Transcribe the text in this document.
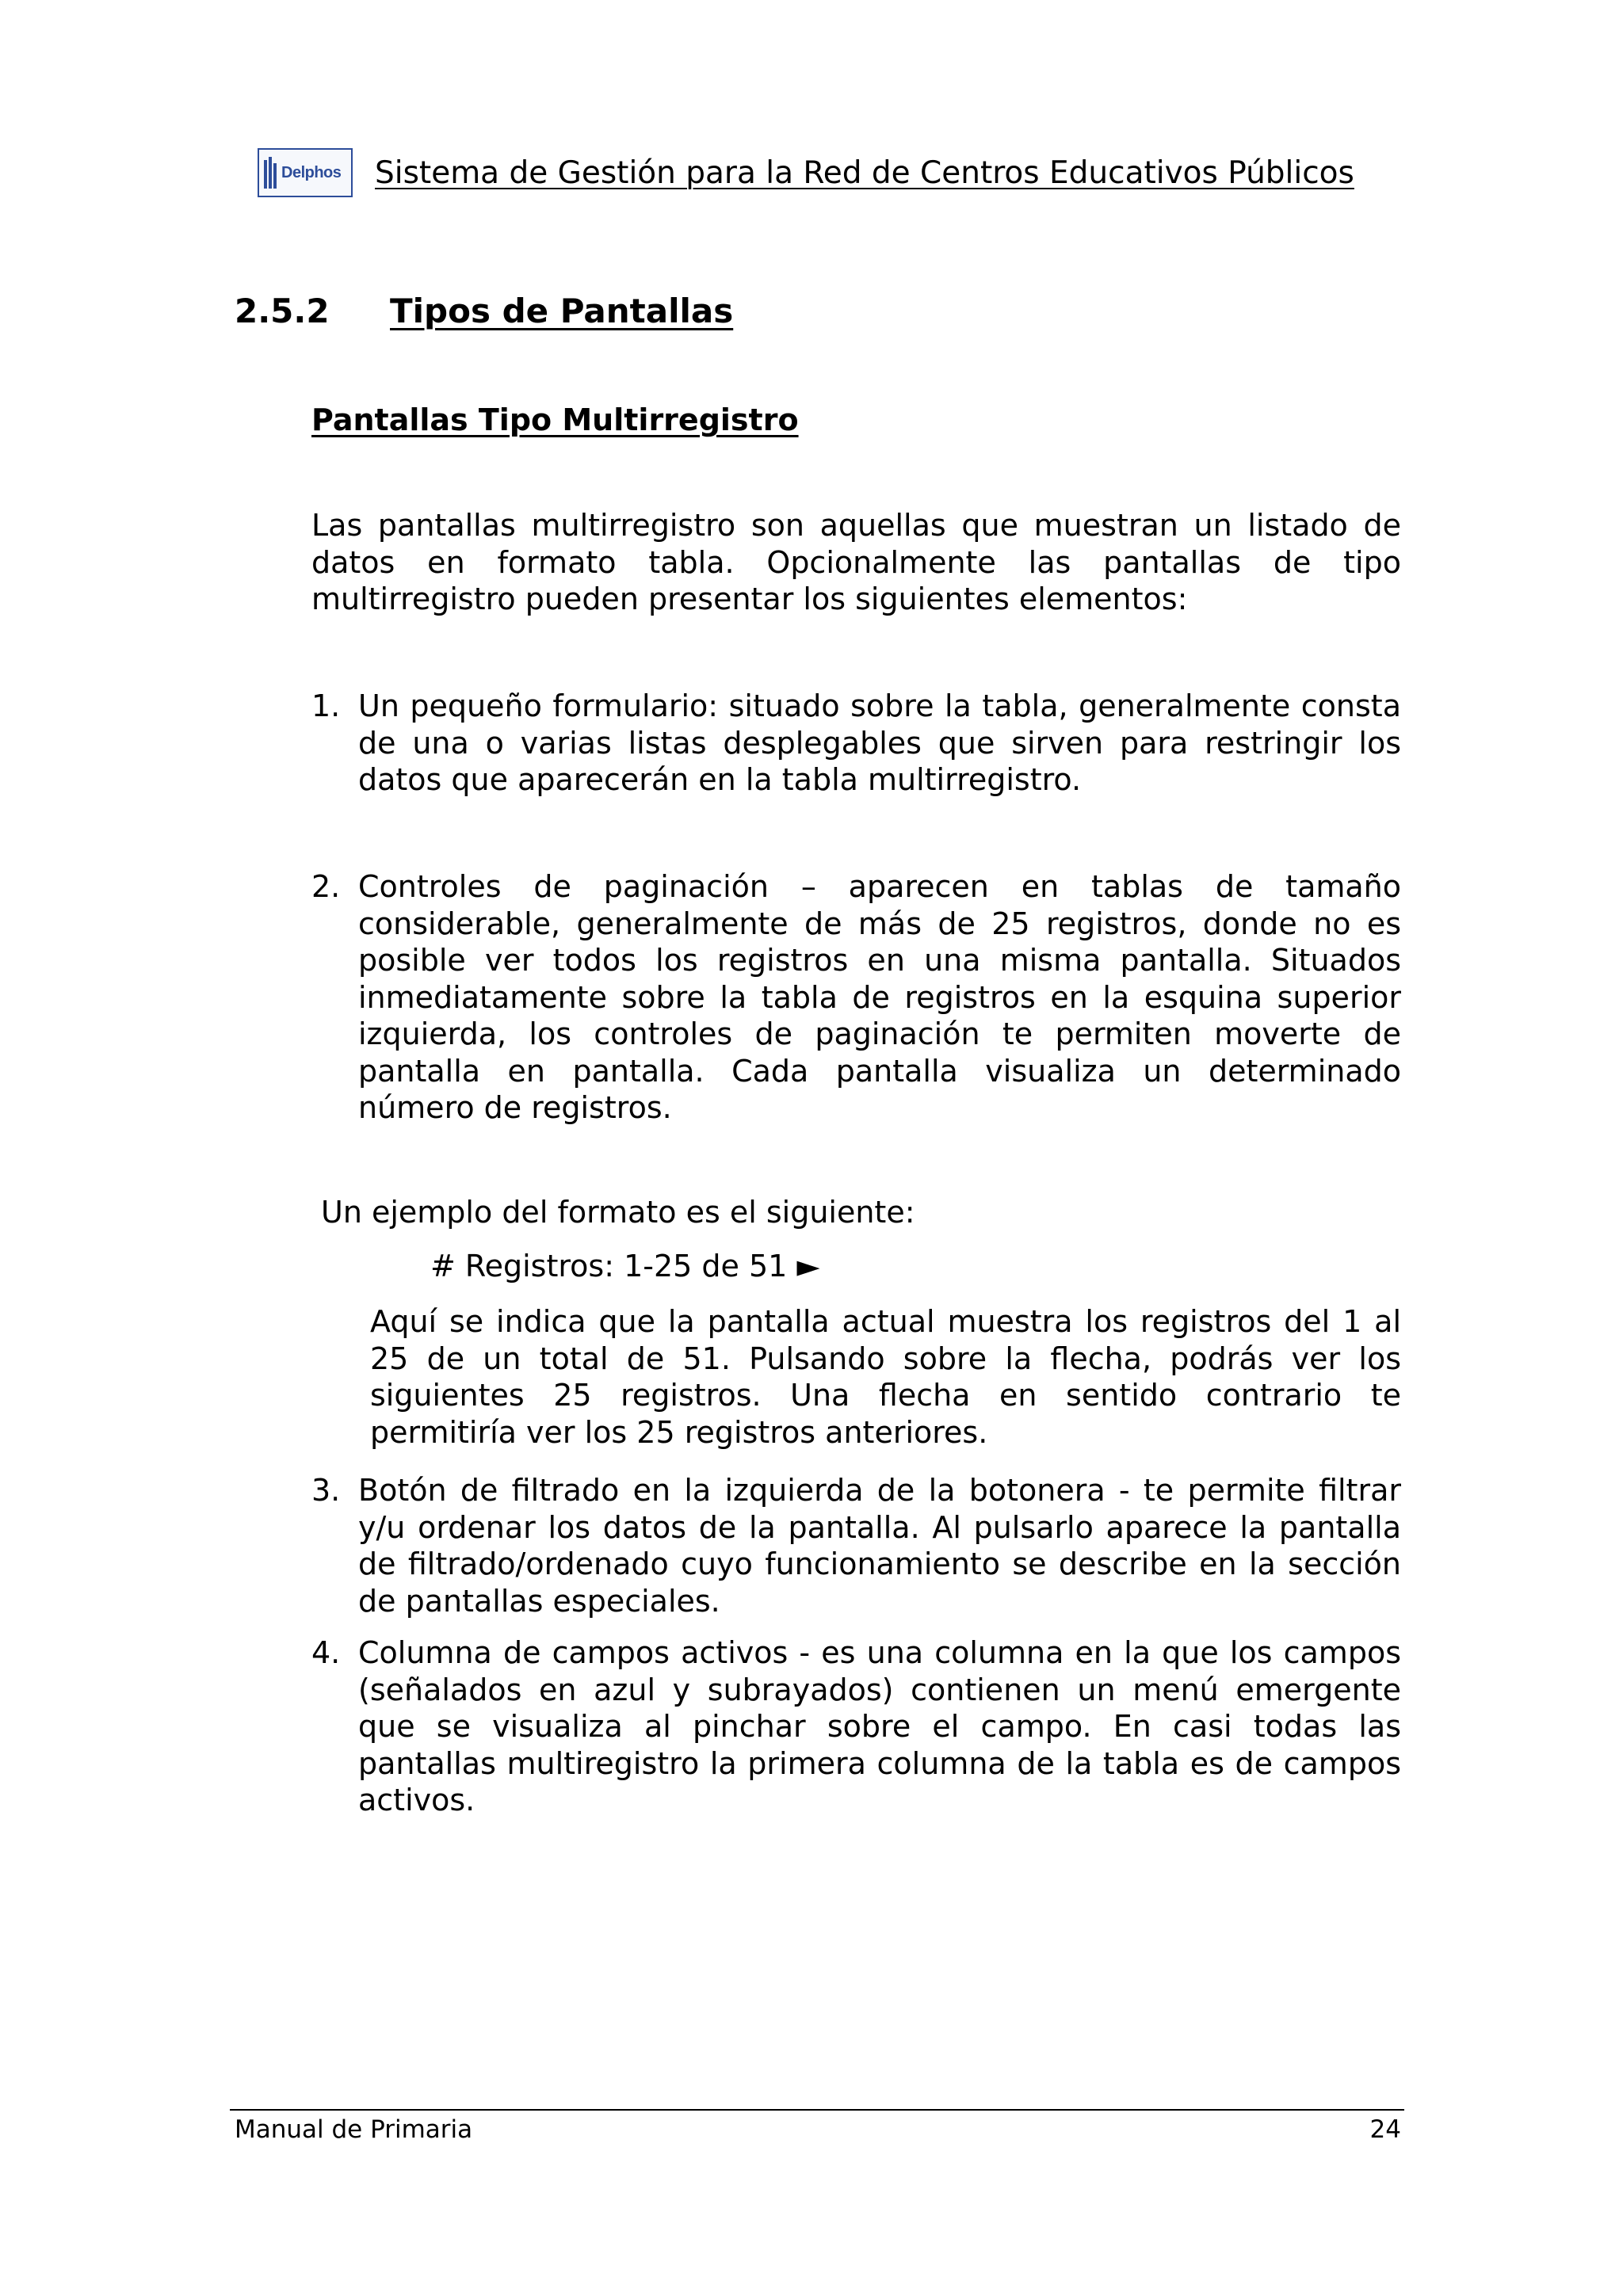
Delphos Sistema de Gestión para la Red de Centros Educativos Públicos
2.5.2 Tipos de Pantallas
Pantallas Tipo Multirregistro
Las pantallas multirregistro son aquellas que muestran un listado de datos en formato tabla. Opcionalmente las pantallas de tipo multirregistro pueden presentar los siguientes elementos:
1. Un pequeño formulario: situado sobre la tabla, generalmente consta de una o varias listas desplegables que sirven para restringir los datos que aparecerán en la tabla multirregistro.
2. Controles de paginación – aparecen en tablas de tamaño considerable, generalmente de más de 25 registros, donde no es posible ver todos los registros en una misma pantalla. Situados inmediatamente sobre la tabla de registros en la esquina superior izquierda, los controles de paginación te permiten moverte de pantalla en pantalla. Cada pantalla visualiza un determinado número de registros.
Un ejemplo del formato es el siguiente:
# Registros: 1-25 de 51 ►
Aquí se indica que la pantalla actual muestra los registros del 1 al 25 de un total de 51. Pulsando sobre la flecha, podrás ver los siguientes 25 registros. Una flecha en sentido contrario te permitiría ver los 25 registros anteriores.
3. Botón de filtrado en la izquierda de la botonera - te permite filtrar y/u ordenar los datos de la pantalla. Al pulsarlo aparece la pantalla de filtrado/ordenado cuyo funcionamiento se describe en la sección de pantallas especiales.
4. Columna de campos activos - es una columna en la que los campos (señalados en azul y subrayados) contienen un menú emergente que se visualiza al pinchar sobre el campo. En casi todas las pantallas multiregistro la primera columna de la tabla es de campos activos.
Manual de Primaria	24
